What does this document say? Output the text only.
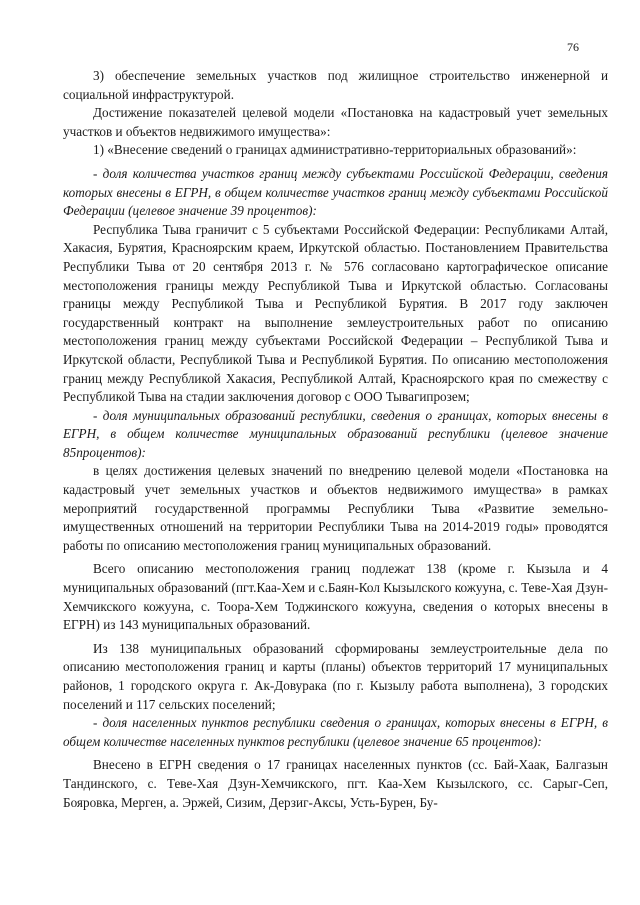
76

3) обеспечение земельных участков под жилищное строительство инженерной и социальной инфраструктурой.

Достижение показателей целевой модели «Постановка на кадастровый учет земельных участков и объектов недвижимого имущества»:

1) «Внесение сведений о границах административно-территориальных образований»:

- доля количества участков границ между субъектами Российской Федерации, сведения которых внесены в ЕГРН, в общем количестве участков границ между субъектами Российской Федерации (целевое значение 39 процентов):

Республика Тыва граничит с 5 субъектами Российской Федерации: Республиками Алтай, Хакасия, Бурятия, Красноярским краем, Иркутской областью. Постановлением Правительства Республики Тыва от 20 сентября 2013 г. № 576 согласовано картографическое описание местоположения границы между Республикой Тыва и Иркутской областью. Согласованы границы между Республикой Тыва и Республикой Бурятия. В 2017 году заключен государственный контракт на выполнение землеустроительных работ по описанию местоположения границ между субъектами Российской Федерации – Республикой Тыва и Иркутской области, Республикой Тыва и Республикой Бурятия. По описанию местоположения границ между Республикой Хакасия, Республикой Алтай, Красноярского края по смежеству с Республикой Тыва на стадии заключения договор с ООО Тывагипрозем;

- доля муниципальных образований республики, сведения о границах, которых внесены в ЕГРН, в общем количестве муниципальных образований республики (целевое значение 85процентов):

в целях достижения целевых значений по внедрению целевой модели «Постановка на кадастровый учет земельных участков и объектов недвижимого имущества» в рамках мероприятий государственной программы Республики Тыва «Развитие земельно-имущественных отношений на территории Республики Тыва на 2014-2019 годы» проводятся работы по описанию местоположения границ муниципальных образований.

Всего описанию местоположения границ подлежат 138 (кроме г. Кызыла и 4 муниципальных образований (пгт.Каа-Хем и с.Баян-Кол Кызылского кожууна, с. Теве-Хая Дзун-Хемчикского кожууна, с. Тоора-Хем Тоджинского кожууна, сведения о которых внесены в ЕГРН) из 143 муниципальных образований.

Из 138 муниципальных образований сформированы землеустроительные дела по описанию местоположения границ и карты (планы) объектов территорий 17 муниципальных районов, 1 городского округа г. Ак-Довурака (по г. Кызылу работа выполнена), 3 городских поселений и 117 сельских поселений;

- доля населенных пунктов республики сведения о границах, которых внесены в ЕГРН, в общем количестве населенных пунктов республики (целевое значение 65 процентов):

Внесено в ЕГРН сведения о 17 границах населенных пунктов (сс. Бай-Хаак, Балгазын Тандинского, с. Теве-Хая Дзун-Хемчикского, пгт. Каа-Хем Кызылского, сс. Сарыг-Сеп, Бояровка, Мерген, а. Эржей, Сизим, Дерзиг-Аксы, Усть-Бурен, Бу-
